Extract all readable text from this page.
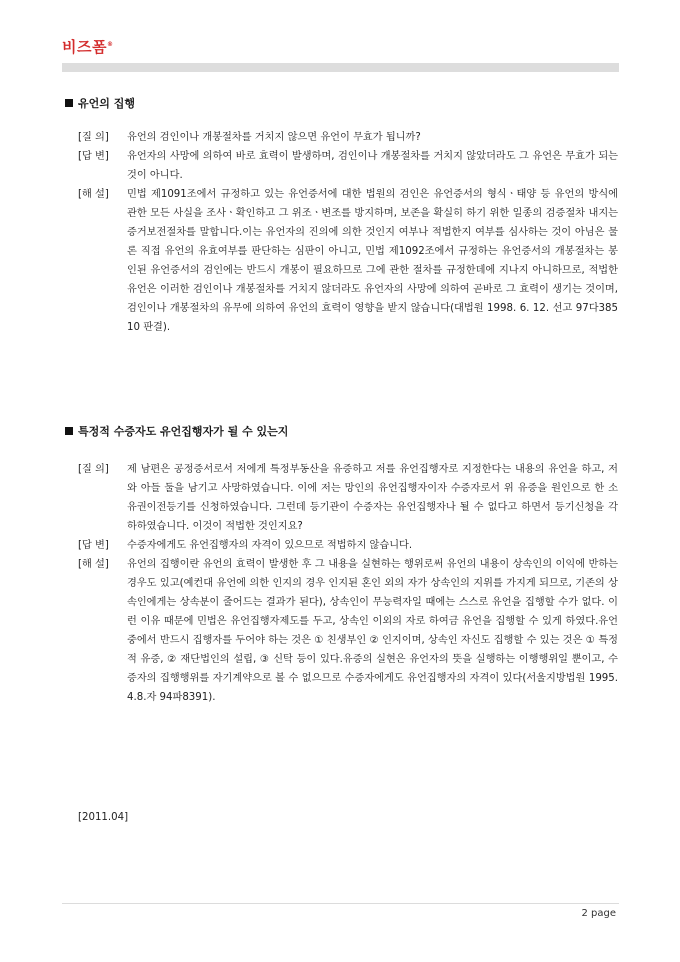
비즈폼®
유언의 집행
[질 의]	유언의 검인이나 개봉절차를 거치지 않으면 유언이 무효가 됩니까?
[답 변]	유언자의 사망에 의하여 바로 효력이 발생하며, 검인이나 개봉절차를 거치지 않았더라도 그 유언은 무효가 되는 것이 아니다.
[해 설]	민법 제1091조에서 규정하고 있는 유언증서에 대한 법원의 검인은 유언증서의 형식ㆍ태양 등 유언의 방식에 관한 모든 사실을 조사ㆍ확인하고 그 위조ㆍ변조를 방지하며, 보존을 확실히 하기 위한 일종의 검증절차 내지는 증거보전절차를 말합니다.이는 유언자의 진의에 의한 것인지 여부나 적법한지 여부를 심사하는 것이 아님은 물론 직접 유언의 유효여부를 판단하는 심판이 아니고, 민법 제1092조에서 규정하는 유언증서의 개봉절차는 봉인된 유언증서의 검인에는 반드시 개봉이 필요하므로 그에 관한 절차를 규정한데에 지나지 아니하므로, 적법한 유언은 이러한 검인이나 개봉절차를 거치지 않더라도 유언자의 사망에 의하여 곧바로 그 효력이 생기는 것이며, 검인이나 개봉절차의 유무에 의하여 유언의 효력이 영향을 받지 않습니다(대법원 1998. 6. 12. 선고 97다38510 판결).
특정적 수증자도 유언집행자가 될 수 있는지
[질 의]	제 남편은 공정증서로서 저에게 특정부동산을 유증하고 저를 유언집행자로 지정한다는 내용의 유언을 하고, 저와 아들 둘을 남기고 사망하였습니다. 이에 저는 망인의 유언집행자이자 수증자로서 위 유증을 원인으로 한 소유권이전등기를 신청하였습니다. 그런데 등기관이 수증자는 유언집행자나 될 수 없다고 하면서 등기신청을 각하하였습니다. 이것이 적법한 것인지요?
[답 변]	수증자에게도 유언집행자의 자격이 있으므로 적법하지 않습니다.
[해 설]	유언의 집행이란 유언의 효력이 발생한 후 그 내용을 실현하는 행위로써 유언의 내용이 상속인의 이익에 반하는 경우도 있고(예컨대 유언에 의한 인지의 경우 인지된 혼인 외의 자가 상속인의 지위를 가지게 되므로, 기존의 상속인에게는 상속분이 줄어드는 결과가 된다), 상속인이 무능력자일 때에는 스스로 유언을 집행할 수가 없다. 이런 이유 때문에 민법은 유언집행자제도를 두고, 상속인 이외의 자로 하여금 유언을 집행할 수 있게 하였다.유언 중에서 반드시 집행자를 두어야 하는 것은 ① 친생부인 ② 인지이며, 상속인 자신도 집행할 수 있는 것은 ① 특정적 유증, ② 재단법인의 설립, ③ 신탁 등이 있다.유증의 실현은 유언자의 뜻을 실행하는 이행행위일 뿐이고, 수증자의 집행행위를 자기계약으로 볼 수 없으므로 수증자에게도 유언집행자의 자격이 있다(서울지방법원 1995. 4.8.자 94파8391).
[2011.04]
2 page
